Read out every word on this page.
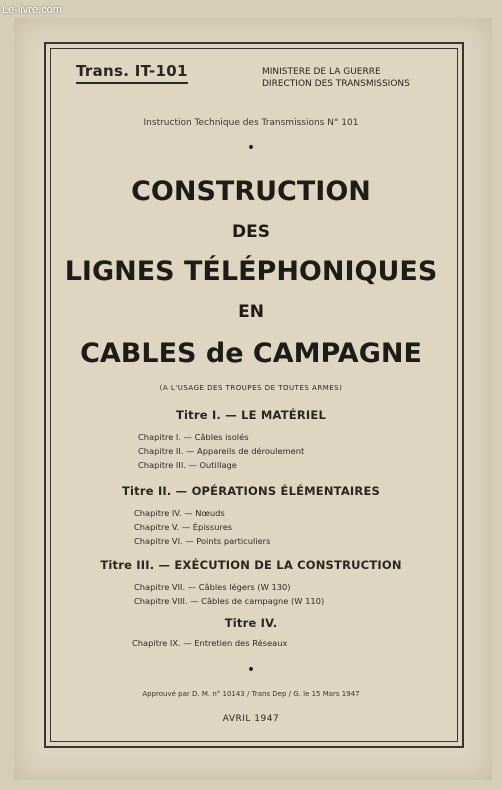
Le-livre.com
Trans. IT-101	MINISTERE DE LA GUERRE
DIRECTION DES TRANSMISSIONS
Instruction Technique des Transmissions N° 101
•
CONSTRUCTION
DES
LIGNES TÉLÉPHONIQUES
EN
CABLES de CAMPAGNE
(A L'USAGE DES TROUPES DE TOUTES ARMES)
Titre I. — LE MATÉRIEL
Chapitre I. — Câbles isolés
Chapitre II. — Appareils de déroulement
Chapitre III. — Outillage
Titre II. — OPÉRATIONS ÉLÉMENTAIRES
Chapitre IV. — Nœuds
Chapitre V. — Épissures
Chapitre VI. — Points particuliers
Titre III. — EXÉCUTION DE LA CONSTRUCTION
Chapitre VII. — Câbles légers (W 130)
Chapitre VIII. — Câbles de campagne (W 110)
Titre IV.
Chapitre IX. — Entretien des Réseaux
•
Approuvé par D. M. n° 10143 / Trans Dep / G. le 15 Mars 1947
AVRIL 1947
